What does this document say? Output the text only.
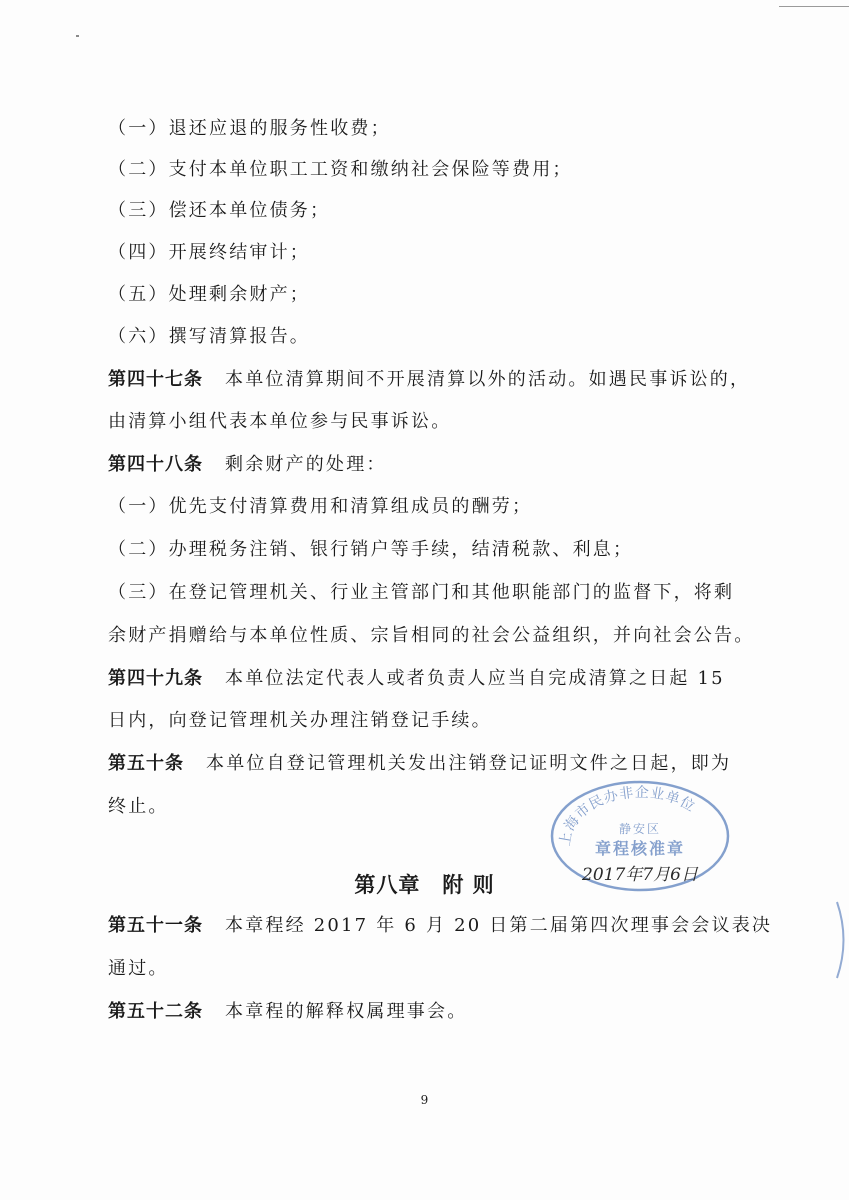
（一）退还应退的服务性收费；
（二）支付本单位职工工资和缴纳社会保险等费用；
（三）偿还本单位债务；
（四）开展终结审计；
（五）处理剩余财产；
（六）撰写清算报告。
第四十七条 本单位清算期间不开展清算以外的活动。如遇民事诉讼的，
由清算小组代表本单位参与民事诉讼。
第四十八条 剩余财产的处理：
（一）优先支付清算费用和清算组成员的酬劳；
（二）办理税务注销、银行销户等手续，结清税款、利息；
（三）在登记管理机关、行业主管部门和其他职能部门的监督下，将剩
余财产捐赠给与本单位性质、宗旨相同的社会公益组织，并向社会公告。
第四十九条 本单位法定代表人或者负责人应当自完成清算之日起 15
日内，向登记管理机关办理注销登记手续。
第五十条 本单位自登记管理机关发出注销登记证明文件之日起，即为
终止。
第八章 附 则
第五十一条 本章程经 2017 年 6 月 20 日第二届第四次理事会会议表决
通过。
第五十二条 本章程的解释权属理事会。
9
上海市民办非企业单位
静安区
章程核准章
2017年7月6日
